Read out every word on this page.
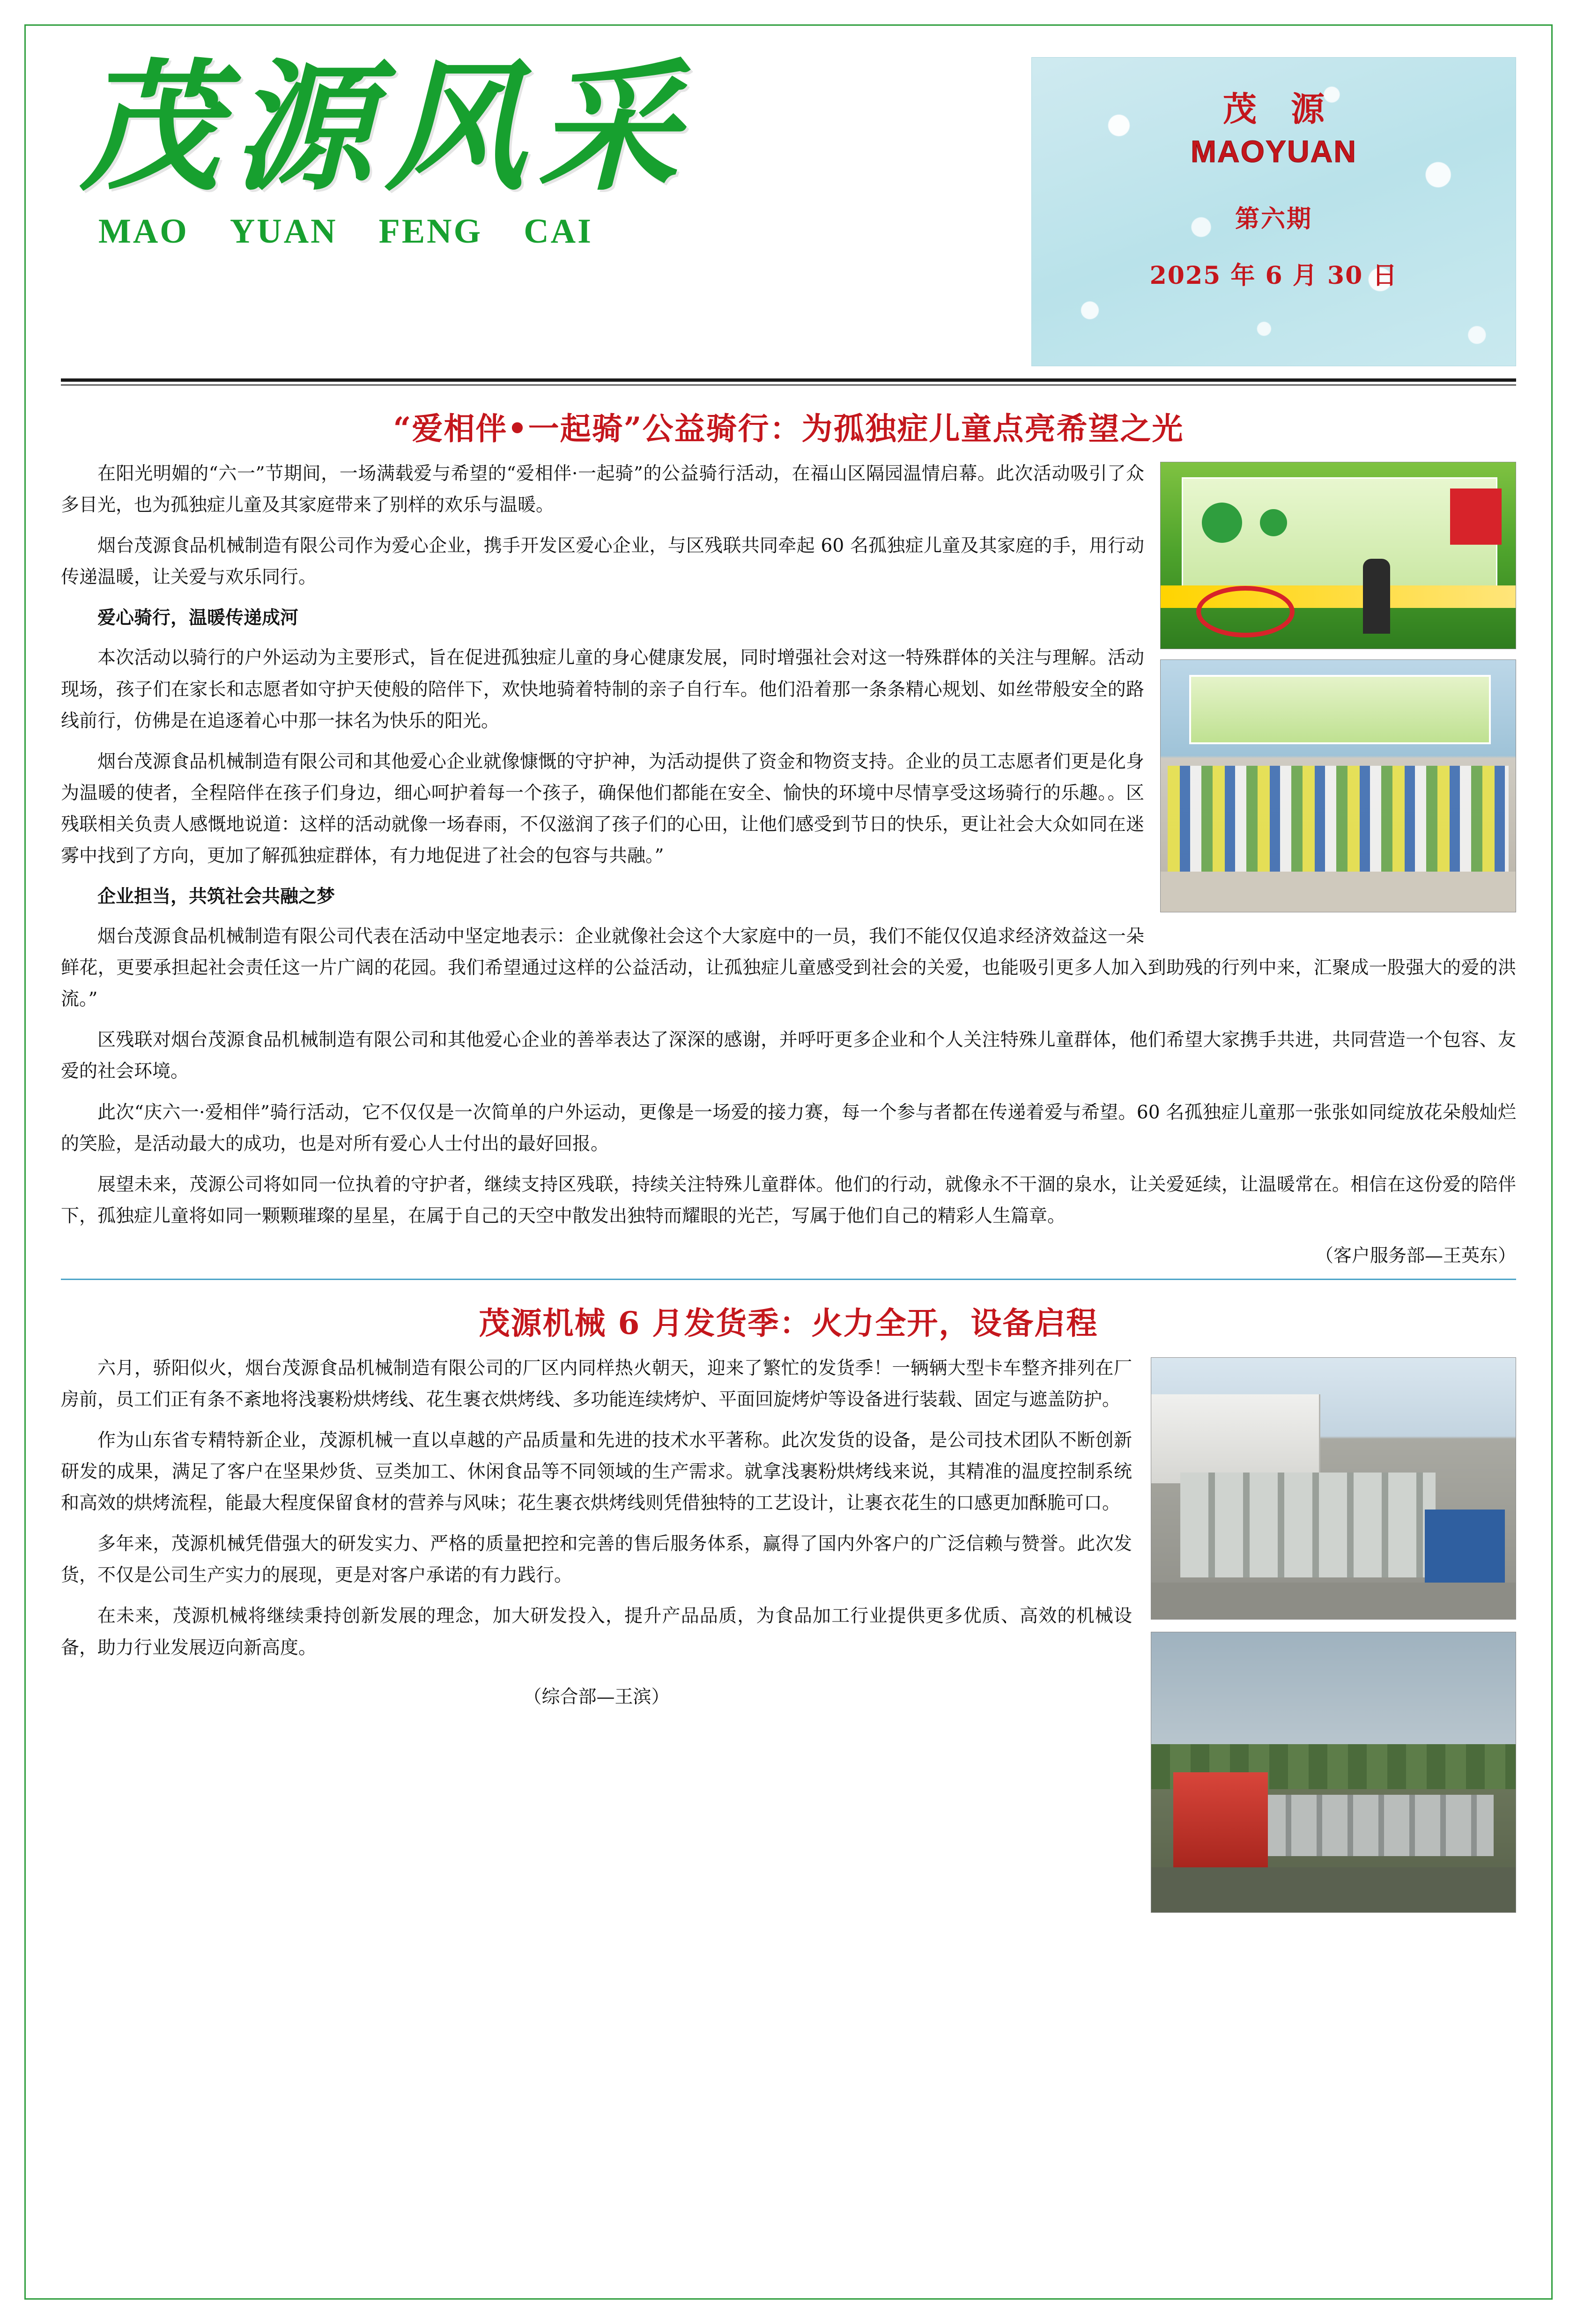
茂源风采
MAO YUAN FENG CAI
茂 源
MAOYUAN
第六期
2025 年 6 月 30 日
“爱相伴•一起骑”公益骑行：为孤独症儿童点亮希望之光

在阳光明媚的“六一”节期间，一场满载爱与希望的“爱相伴·一起骑”的公益骑行活动，在福山区隔园温情启幕。此次活动吸引了众多目光，也为孤独症儿童及其家庭带来了别样的欢乐与温暖。

烟台茂源食品机械制造有限公司作为爱心企业，携手开发区爱心企业，与区残联共同牵起 60 名孤独症儿童及其家庭的手，用行动传递温暖，让关爱与欢乐同行。

爱心骑行，温暖传递成河

本次活动以骑行的户外运动为主要形式，旨在促进孤独症儿童的身心健康发展，同时增强社会对这一特殊群体的关注与理解。活动现场，孩子们在家长和志愿者如守护天使般的陪伴下，欢快地骑着特制的亲子自行车。他们沿着那一条条精心规划、如丝带般安全的路线前行，仿佛是在追逐着心中那一抹名为快乐的阳光。

烟台茂源食品机械制造有限公司和其他爱心企业就像慷慨的守护神，为活动提供了资金和物资支持。企业的员工志愿者们更是化身为温暖的使者，全程陪伴在孩子们身边，细心呵护着每一个孩子，确保他们都能在安全、愉快的环境中尽情享受这场骑行的乐趣。。区残联相关负责人感慨地说道：这样的活动就像一场春雨，不仅滋润了孩子们的心田，让他们感受到节日的快乐，更让社会大众如同在迷雾中找到了方向，更加了解孤独症群体，有力地促进了社会的包容与共融。”

企业担当，共筑社会共融之梦

烟台茂源食品机械制造有限公司代表在活动中坚定地表示：企业就像社会这个大家庭中的一员，我们不能仅仅追求经济效益这一朵鲜花，更要承担起社会责任这一片广阔的花园。我们希望通过这样的公益活动，让孤独症儿童感受到社会的关爱，也能吸引更多人加入到助残的行列中来，汇聚成一股强大的爱的洪流。”

区残联对烟台茂源食品机械制造有限公司和其他爱心企业的善举表达了深深的感谢，并呼吁更多企业和个人关注特殊儿童群体，他们希望大家携手共进，共同营造一个包容、友爱的社会环境。

此次“庆六一·爱相伴”骑行活动，它不仅仅是一次简单的户外运动，更像是一场爱的接力赛，每一个参与者都在传递着爱与希望。60 名孤独症儿童那一张张如同绽放花朵般灿烂的笑脸，是活动最大的成功，也是对所有爱心人士付出的最好回报。

展望未来，茂源公司将如同一位执着的守护者，继续支持区残联，持续关注特殊儿童群体。他们的行动，就像永不干涸的泉水，让关爱延续，让温暖常在。相信在这份爱的陪伴下，孤独症儿童将如同一颗颗璀璨的星星，在属于自己的天空中散发出独特而耀眼的光芒，写属于他们自己的精彩人生篇章。

（客户服务部—王英东）
茂源机械 6 月发货季：火力全开，设备启程

六月，骄阳似火，烟台茂源食品机械制造有限公司的厂区内同样热火朝天，迎来了繁忙的发货季！一辆辆大型卡车整齐排列在厂房前，员工们正有条不紊地将浅裹粉烘烤线、花生裹衣烘烤线、多功能连续烤炉、平面回旋烤炉等设备进行装载、固定与遮盖防护。

作为山东省专精特新企业，茂源机械一直以卓越的产品质量和先进的技术水平著称。此次发货的设备，是公司技术团队不断创新研发的成果，满足了客户在坚果炒货、豆类加工、休闲食品等不同领域的生产需求。就拿浅裹粉烘烤线来说，其精准的温度控制系统和高效的烘烤流程，能最大程度保留食材的营养与风味；花生裹衣烘烤线则凭借独特的工艺设计，让裹衣花生的口感更加酥脆可口。

多年来，茂源机械凭借强大的研发实力、严格的质量把控和完善的售后服务体系，赢得了国内外客户的广泛信赖与赞誉。此次发货，不仅是公司生产实力的展现，更是对客户承诺的有力践行。

在未来，茂源机械将继续秉持创新发展的理念，加大研发投入，提升产品品质，为食品加工行业提供更多优质、高效的机械设备，助力行业发展迈向新高度。

（综合部—王滨）
